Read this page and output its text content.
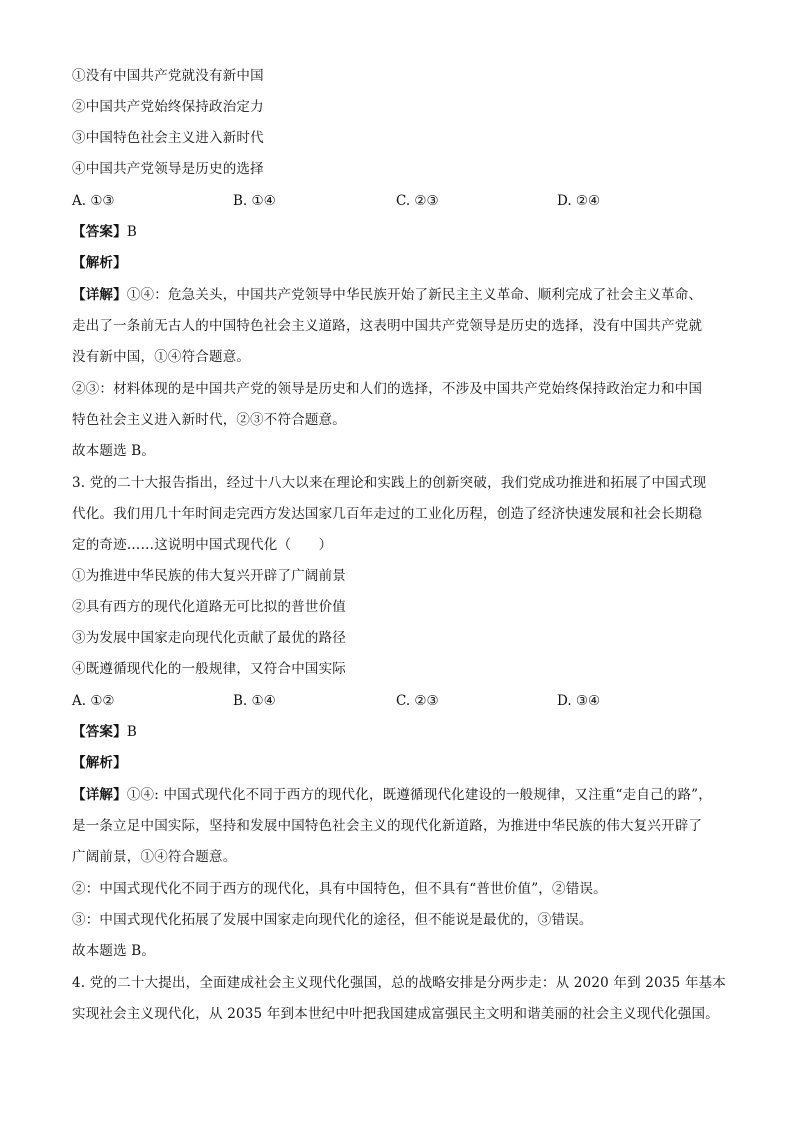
①没有中国共产党就没有新中国
②中国共产党始终保持政治定力
③中国特色社会主义进入新时代
④中国共产党领导是历史的选择
A. ①③	B. ①④	C. ②③	D. ②④
【答案】B
【解析】
【详解】①④：危急关头，中国共产党领导中华民族开始了新民主主义革命、顺利完成了社会主义革命、
走出了一条前无古人的中国特色社会主义道路，这表明中国共产党领导是历史的选择，没有中国共产党就
没有新中国，①④符合题意。
②③：材料体现的是中国共产党的领导是历史和人们的选择，不涉及中国共产党始终保持政治定力和中国
特色社会主义进入新时代，②③不符合题意。
故本题选 B。
3. 党的二十大报告指出，经过十八大以来在理论和实践上的创新突破，我们党成功推进和拓展了中国式现
代化。我们用几十年时间走完西方发达国家几百年走过的工业化历程，创造了经济快速发展和社会长期稳
定的奇迹……这说明中国式现代化（　　）
①为推进中华民族的伟大复兴开辟了广阔前景
②具有西方的现代化道路无可比拟的普世价值
③为发展中国家走向现代化贡献了最优的路径
④既遵循现代化的一般规律，又符合中国实际
A. ①②	B. ①④	C. ②③	D. ③④
【答案】B
【解析】
【详解】①④: 中国式现代化不同于西方的现代化，既遵循现代化建设的一般规律，又注重“走自己的路”，
是一条立足中国实际，坚持和发展中国特色社会主义的现代化新道路，为推进中华民族的伟大复兴开辟了
广阔前景，①④符合题意。
②：中国式现代化不同于西方的现代化，具有中国特色，但不具有“普世价值”，②错误。
③：中国式现代化拓展了发展中国家走向现代化的途径，但不能说是最优的，③错误。
故本题选 B。
4. 党的二十大提出，全面建成社会主义现代化强国，总的战略安排是分两步走：从 2020 年到 2035 年基本
实现社会主义现代化，从 2035 年到本世纪中叶把我国建成富强民主文明和谐美丽的社会主义现代化强国。
